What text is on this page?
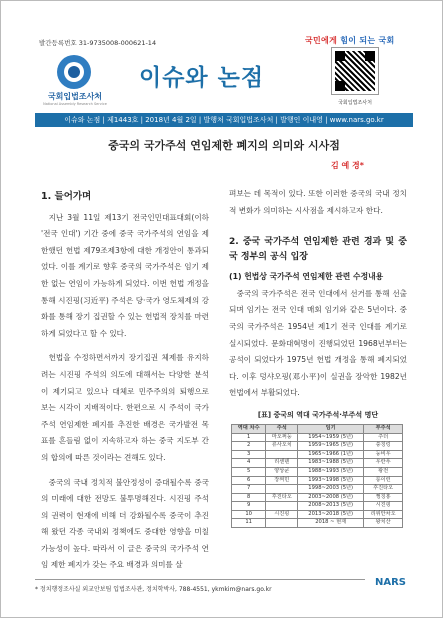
발간등록번호 31-9735008-000621-14	국민에게 힘이 되는 국회
국회입법조사처
National Assembly Research Service
이슈와 논점
국회입법조사처
이슈와 논점 | 제1443호 | 2018년 4월 2일 | 발행처 국회입법조사처 | 발행인 이내영 | www.nars.go.kr
중국의 국가주석 연임제한 폐지의 의미와 시사점
김 예 경*
1. 들어가며

지난 3월 11일 제13기 전국인민대표대회(이하 '전국 인대') 기간 중에 중국 국가주석의 연임을 제한했던 헌법 제79조제3항에 대한 개정안이 통과되었다. 이를 계기로 향후 중국의 국가주석은 임기 제한 없는 연임이 가능하게 되었다. 이번 헌법 개정을 통해 시진핑(习近平) 주석은 당·국가 영도체제의 강화를 통해 장기 집권할 수 있는 헌법적 장치를 마련하게 되었다고 할 수 있다.

헌법을 수정하면서까지 장기집권 체제를 유지하려는 시진핑 주석의 의도에 대해서는 다양한 분석이 제기되고 있으나 대체로 민주주의의 퇴행으로 보는 시각이 지배적이다. 한편으로 시 주석이 국가주석 연임제한 폐지를 추진한 배경은 국가발전 목표를 흔들림 없이 지속하고자 하는 중국 지도부 간의 합의에 따른 것이라는 견해도 있다.

중국의 국내 정치적 불안정성이 증대될수록 중국의 미래에 대한 전망도 불투명해진다. 시진핑 주석의 권력이 현재에 비해 더 강화될수록 중국이 추진해 왔던 각종 국내외 정책에도 중대한 영향을 미칠 가능성이 높다. 따라서 이 글은 중국의 국가주석 연임 제한 폐지가 갖는 주요 배경과 의미를 살

펴보는 데 목적이 있다. 또한 이러한 중국의 국내 정치적 변화가 의미하는 시사점을 제시하고자 한다.

2. 중국 국가주석 연임제한 관련 경과 및 중국 정부의 공식 입장
(1) 헌법상 국가주석 연임제한 관련 수정내용

중국의 국가주석은 전국 인대에서 선거를 통해 선출되며 임기는 전국 인대 매회 임기와 같은 5년이다. 중국의 국가주석은 1954년 제1기 전국 인대를 계기로 실시되었다. 문화대혁명이 진행되었던 1968년부터는 공석이 되었다가 1975년 헌법 개정을 통해 폐지되었다. 이후 덩샤오핑(邓小平)이 실권을 장악한 1982년 헌법에서 부활되었다.

[표] 중국의 역대 국가주석·부주석 명단
역대 차수	주석	임기	부주석
1	마오쩌둥	1954~1959 (5년)	주더
2	류사오치	1959~1965 (5년)	쑹칭링
3		1965~1966 (1년)	둥비우
4	리셴녠	1983~1988 (5년)	우란푸
5	양상쿤	1988~1993 (5년)	왕전
6	장쩌민	1993~1998 (5년)	룽이런
7		1998~2003 (5년)	후진타오
8	후진타오	2003~2008 (5년)	쩡칭훙
9		2008~2013 (5년)	시진핑
10	시진핑	2013~2018 (5년)	리위안차오
11		2018 ~ 현재	왕치산
* 정치행정조사실 외교안보팀 입법조사관, 정치학박사, 788-4551, ykmkim@nars.go.kr
NARS
